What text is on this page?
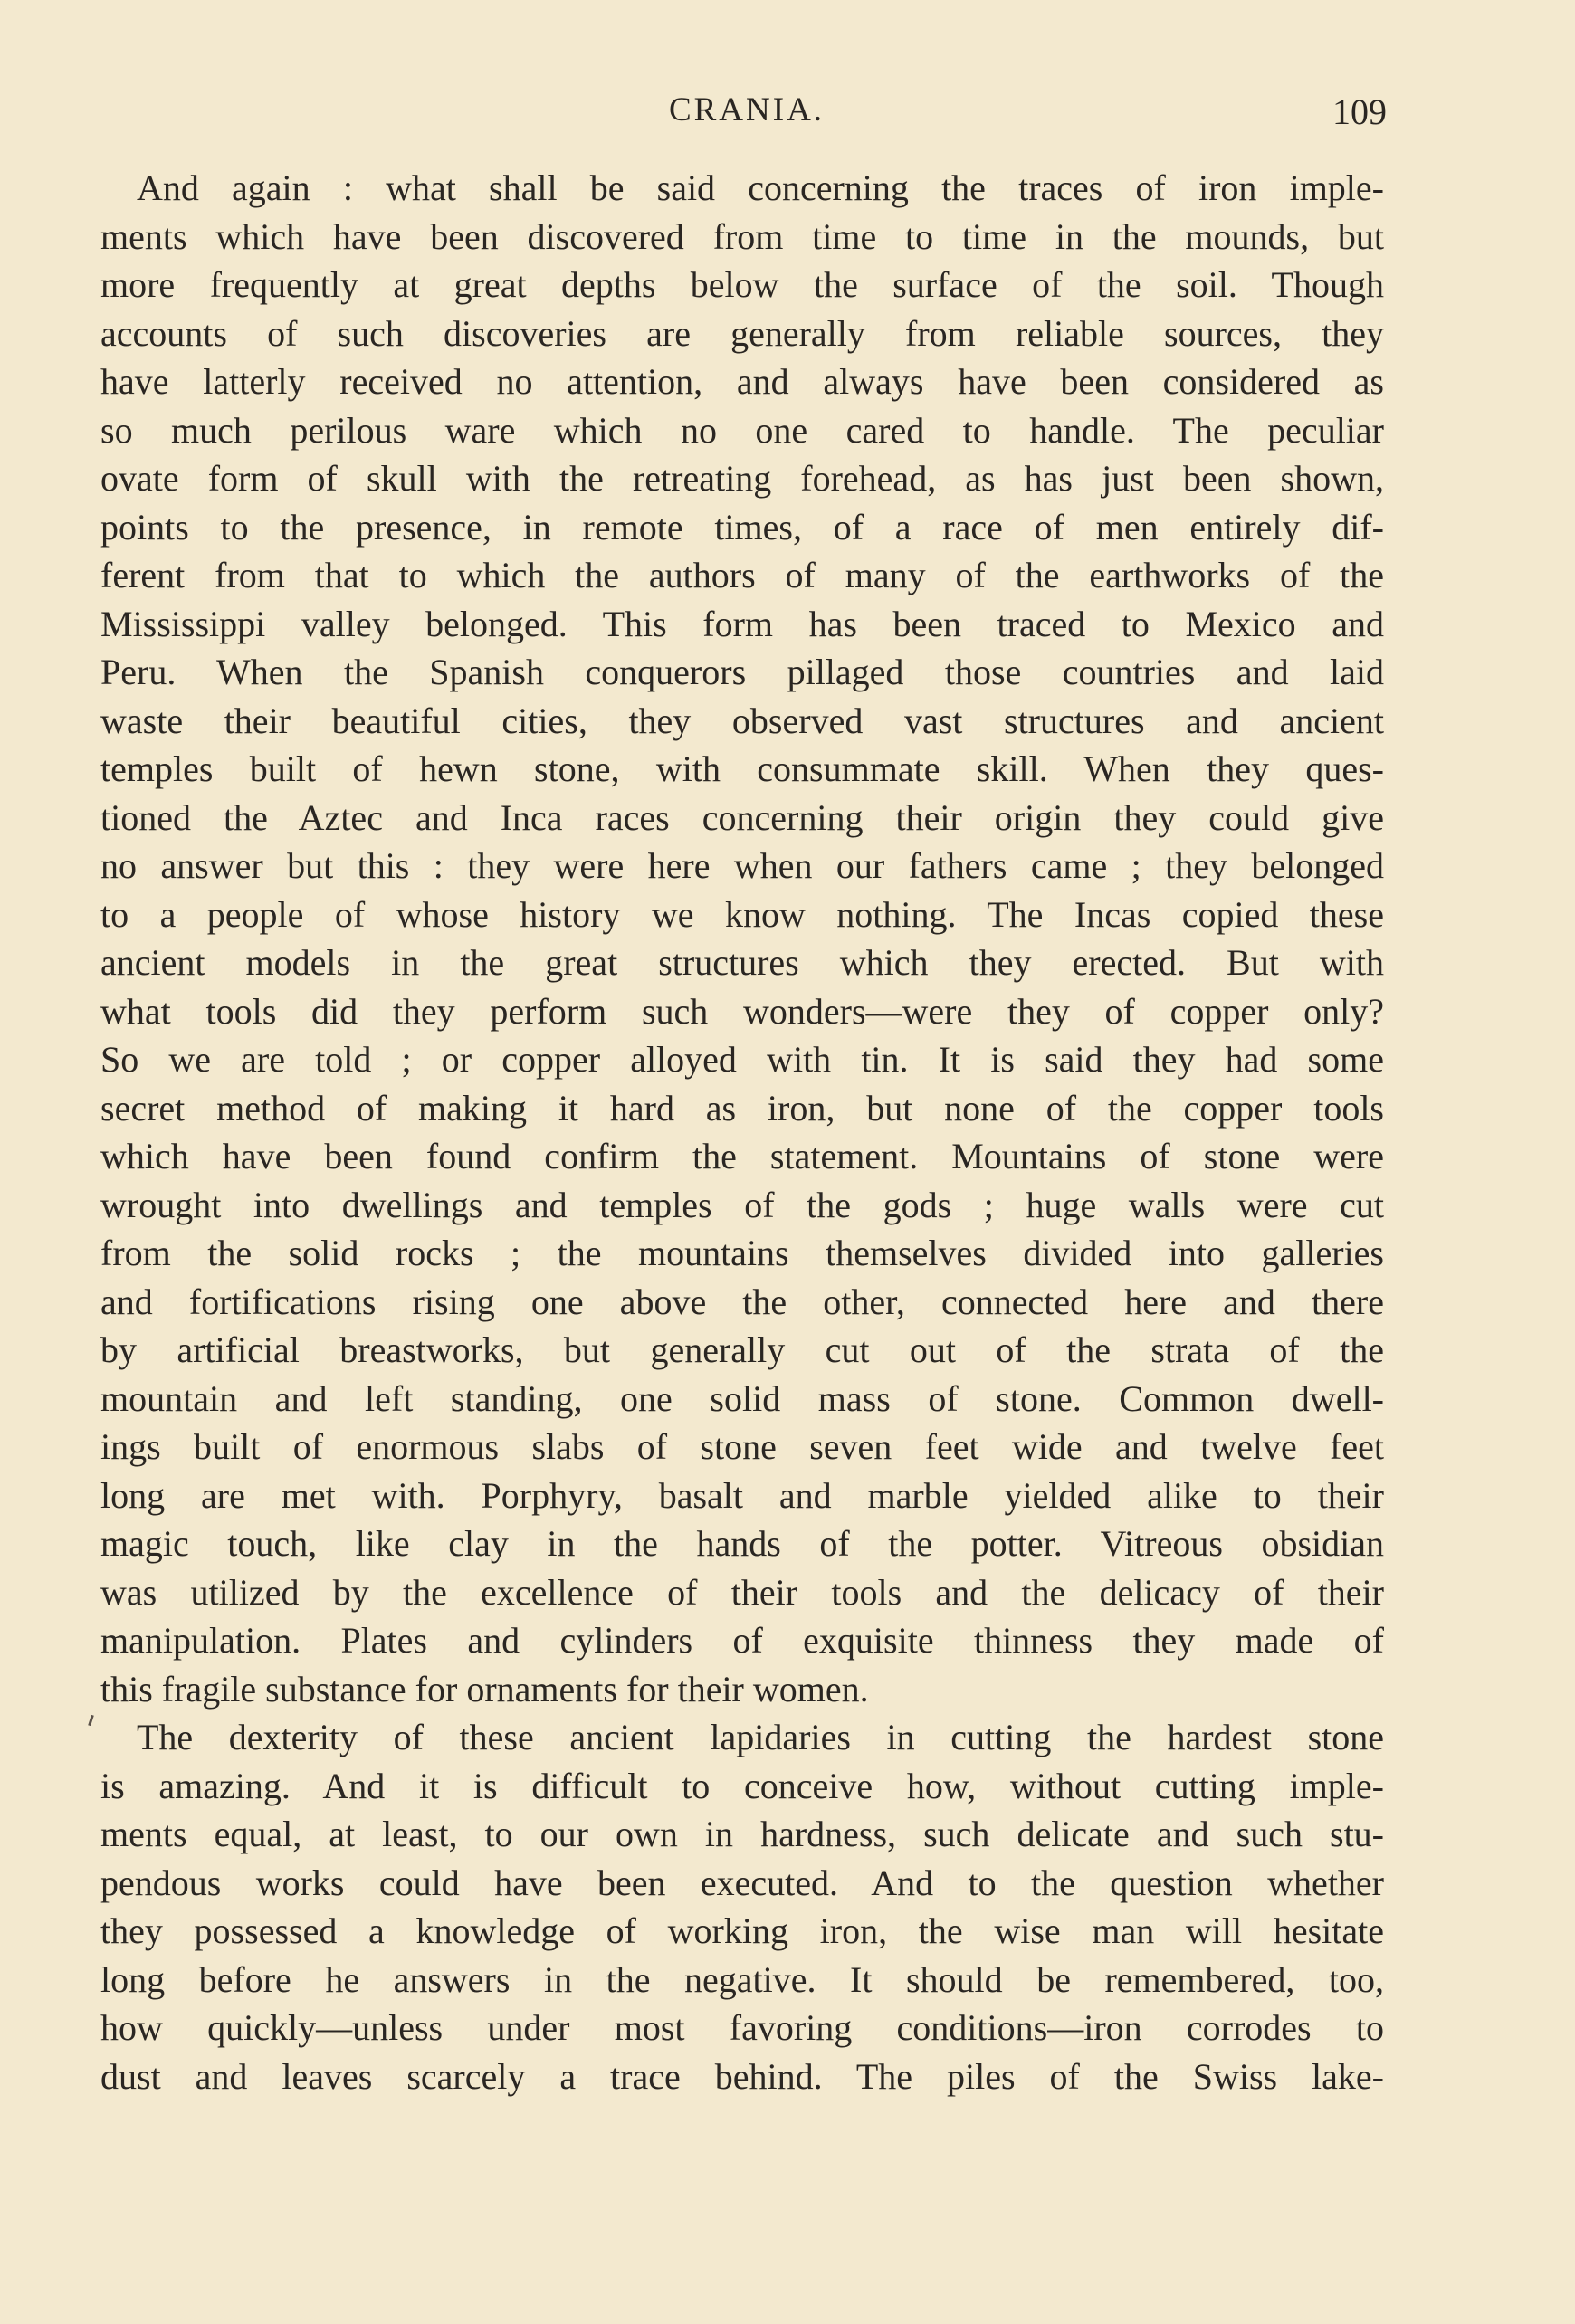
CRANIA.	109
And again : what shall be said concerning the traces of iron imple-
ments which have been discovered from time to time in the mounds, but
more frequently at great depths below the surface of the soil. Though
accounts of such discoveries are generally from reliable sources, they
have latterly received no attention, and always have been considered as
so much perilous ware which no one cared to handle. The peculiar
ovate form of skull with the retreating forehead, as has just been shown,
points to the presence, in remote times, of a race of men entirely dif-
ferent from that to which the authors of many of the earthworks of the
Mississippi valley belonged. This form has been traced to Mexico and
Peru. When the Spanish conquerors pillaged those countries and laid
waste their beautiful cities, they observed vast structures and ancient
temples built of hewn stone, with consummate skill. When they ques-
tioned the Aztec and Inca races concerning their origin they could give
no answer but this : they were here when our fathers came ; they belonged
to a people of whose history we know nothing. The Incas copied these
ancient models in the great structures which they erected. But with
what tools did they perform such wonders—were they of copper only?
So we are told ; or copper alloyed with tin. It is said they had some
secret method of making it hard as iron, but none of the copper tools
which have been found confirm the statement. Mountains of stone were
wrought into dwellings and temples of the gods ; huge walls were cut
from the solid rocks ; the mountains themselves divided into galleries
and fortifications rising one above the other, connected here and there
by artificial breastworks, but generally cut out of the strata of the
mountain and left standing, one solid mass of stone. Common dwell-
ings built of enormous slabs of stone seven feet wide and twelve feet
long are met with. Porphyry, basalt and marble yielded alike to their
magic touch, like clay in the hands of the potter. Vitreous obsidian
was utilized by the excellence of their tools and the delicacy of their
manipulation. Plates and cylinders of exquisite thinness they made of
this fragile substance for ornaments for their women.
The dexterity of these ancient lapidaries in cutting the hardest stone
is amazing. And it is difficult to conceive how, without cutting imple-
ments equal, at least, to our own in hardness, such delicate and such stu-
pendous works could have been executed. And to the question whether
they possessed a knowledge of working iron, the wise man will hesitate
long before he answers in the negative. It should be remembered, too,
how quickly—unless under most favoring conditions—iron corrodes to
dust and leaves scarcely a trace behind. The piles of the Swiss lake-
